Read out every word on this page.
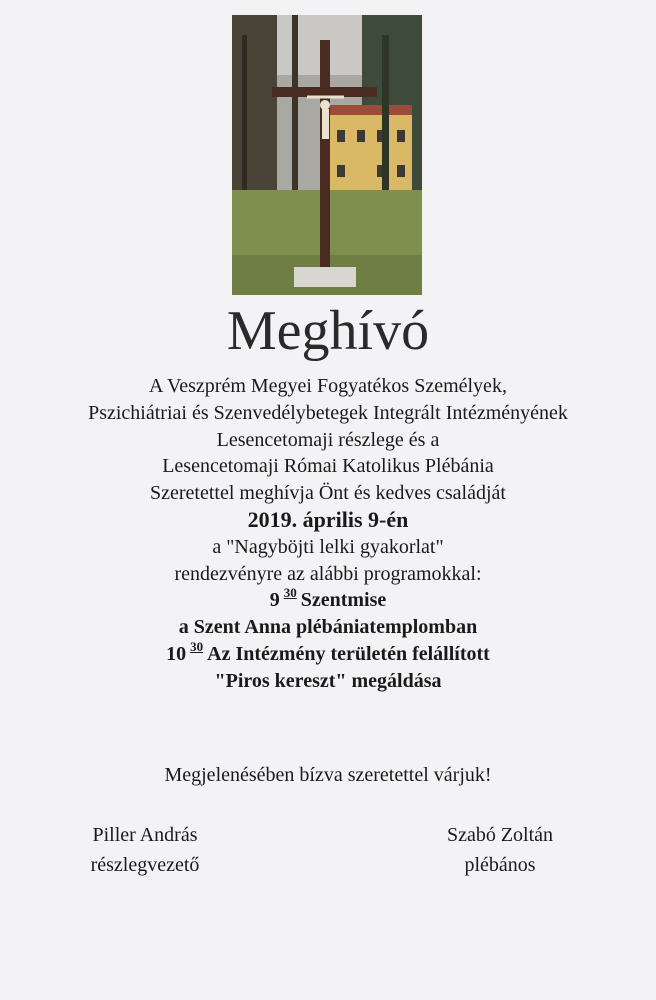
Meghívó
A Veszprém Megyei Fogyatékos Személyek,
Pszichiátriai és Szenvedélybetegek Integrált Intézményének
Lesencetomaji részlege és a
Lesencetomaji Római Katolikus Plébánia
Szeretettel meghívja Önt és kedves családját
2019. április 9-én
a "Nagyböjti lelki gyakorlat"
rendezvényre az alábbi programokkal:
9 $^{30}$ Szentmise
a Szent Anna plébániatemplomban
10 $^{30}$ Az Intézmény területén felállított
"Piros kereszt" megáldása
Megjelenésében bízva szeretettel várjuk!
Piller András
részlegvezető
Szabó Zoltán
plébános
